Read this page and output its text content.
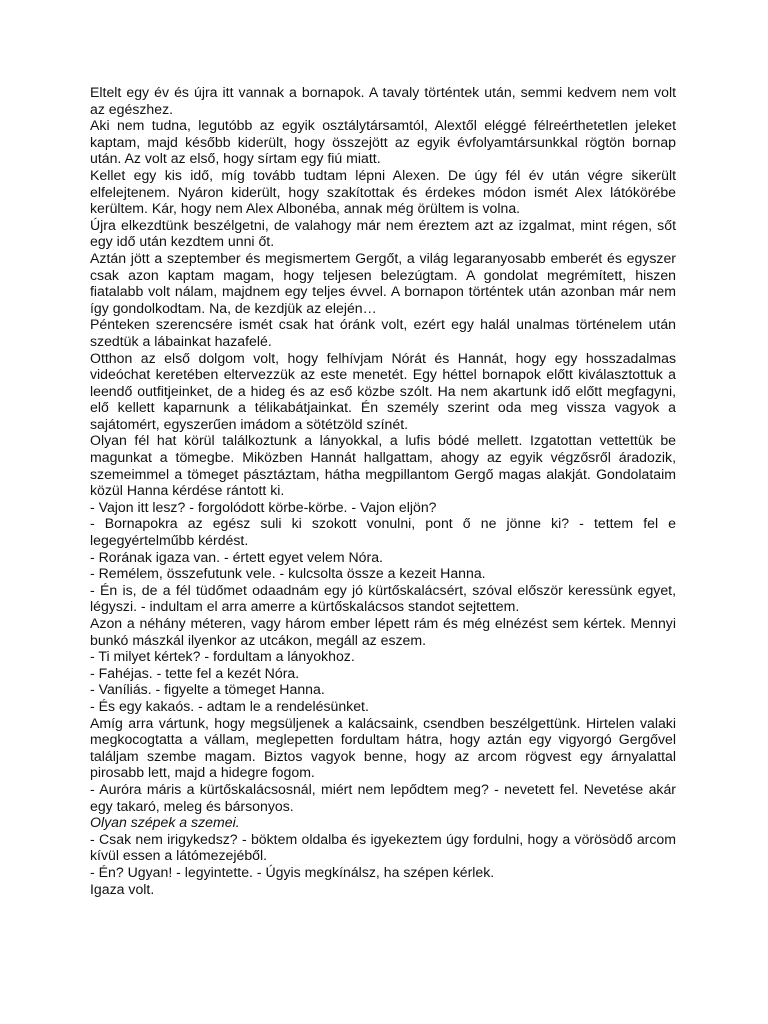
Eltelt egy év és újra itt vannak a bornapok. A tavaly történtek után, semmi kedvem nem volt az egészhez.

Aki nem tudna, legutóbb az egyik osztálytársamtól, Alextől eléggé félreérthetetlen jeleket kaptam, majd később kiderült, hogy összejött az egyik évfolyamtársunkkal rögtön bornap után. Az volt az első, hogy sírtam egy fiú miatt.

Kellet egy kis idő, míg tovább tudtam lépni Alexen. De úgy fél év után végre sikerült elfelejtenem. Nyáron kiderült, hogy szakítottak és érdekes módon ismét Alex látókörébe kerültem. Kár, hogy nem Alex Albonéba, annak még örültem is volna.

Újra elkezdtünk beszélgetni, de valahogy már nem éreztem azt az izgalmat, mint régen, sőt egy idő után kezdtem unni őt.

Aztán jött a szeptember és megismertem Gergőt, a világ legaranyosabb emberét és egyszer csak azon kaptam magam, hogy teljesen belezúgtam. A gondolat megrémített, hiszen fiatalabb volt nálam, majdnem egy teljes évvel. A bornapon történtek után azonban már nem így gondolkodtam. Na, de kezdjük az elején…

Pénteken szerencsére ismét csak hat óránk volt, ezért egy halál unalmas történelem után szedtük a lábainkat hazafelé.

Otthon az első dolgom volt, hogy felhívjam Nórát és Hannát, hogy egy hosszadalmas videóchat keretében eltervezzük az este menetét. Egy héttel bornapok előtt kiválasztottuk a leendő outfitjeinket, de a hideg és az eső közbe szólt. Ha nem akartunk idő előtt megfagyni, elő kellett kaparnunk a télikabátjainkat. Én személy szerint oda meg vissza vagyok a sajátomért, egyszerűen imádom a sötétzöld színét.

Olyan fél hat körül találkoztunk a lányokkal, a lufis bódé mellett. Izgatottan vettettük be magunkat a tömegbe. Miközben Hannát hallgattam, ahogy az egyik végzősről áradozik, szemeimmel a tömeget pásztáztam, hátha megpillantom Gergő magas alakját. Gondolataim közül Hanna kérdése rántott ki.

- Vajon itt lesz? - forgolódott körbe-körbe. - Vajon eljön?

- Bornapokra az egész suli ki szokott vonulni, pont ő ne jönne ki? - tettem fel e legegyértelműbb kérdést.

- Rorának igaza van. - értett egyet velem Nóra.

- Remélem, összefutunk vele. - kulcsolta össze a kezeit Hanna.

- Én is, de a fél tüdőmet odaadnám egy jó kürtőskalácsért, szóval először keressünk egyet, légyszi. - indultam el arra amerre a kürtőskalácsos standot sejtettem.

Azon a néhány méteren, vagy három ember lépett rám és még elnézést sem kértek. Mennyi bunkó mászkál ilyenkor az utcákon, megáll az eszem.

- Ti milyet kértek? - fordultam a lányokhoz.

- Fahéjas. - tette fel a kezét Nóra.

- Vaníliás. - figyelte a tömeget Hanna.

- És egy kakaós. - adtam le a rendelésünket.

Amíg arra vártunk, hogy megsüljenek a kalácsaink, csendben beszélgettünk. Hirtelen valaki megkocogtatta a vállam, meglepetten fordultam hátra, hogy aztán egy vigyorgó Gergővel találjam szembe magam. Biztos vagyok benne, hogy az arcom rögvest egy árnyalattal pirosabb lett, majd a hidegre fogom.

- Auróra máris a kürtőskalácsosnál, miért nem lepődtem meg? - nevetett fel. Nevetése akár egy takaró, meleg és bársonyos.

Olyan szépek a szemei.

- Csak nem irigykedsz? - böktem oldalba és igyekeztem úgy fordulni, hogy a vörösödő arcom kívül essen a látómezejéből.

- Én? Ugyan! - legyintette. - Úgyis megkínálsz, ha szépen kérlek.

Igaza volt.
